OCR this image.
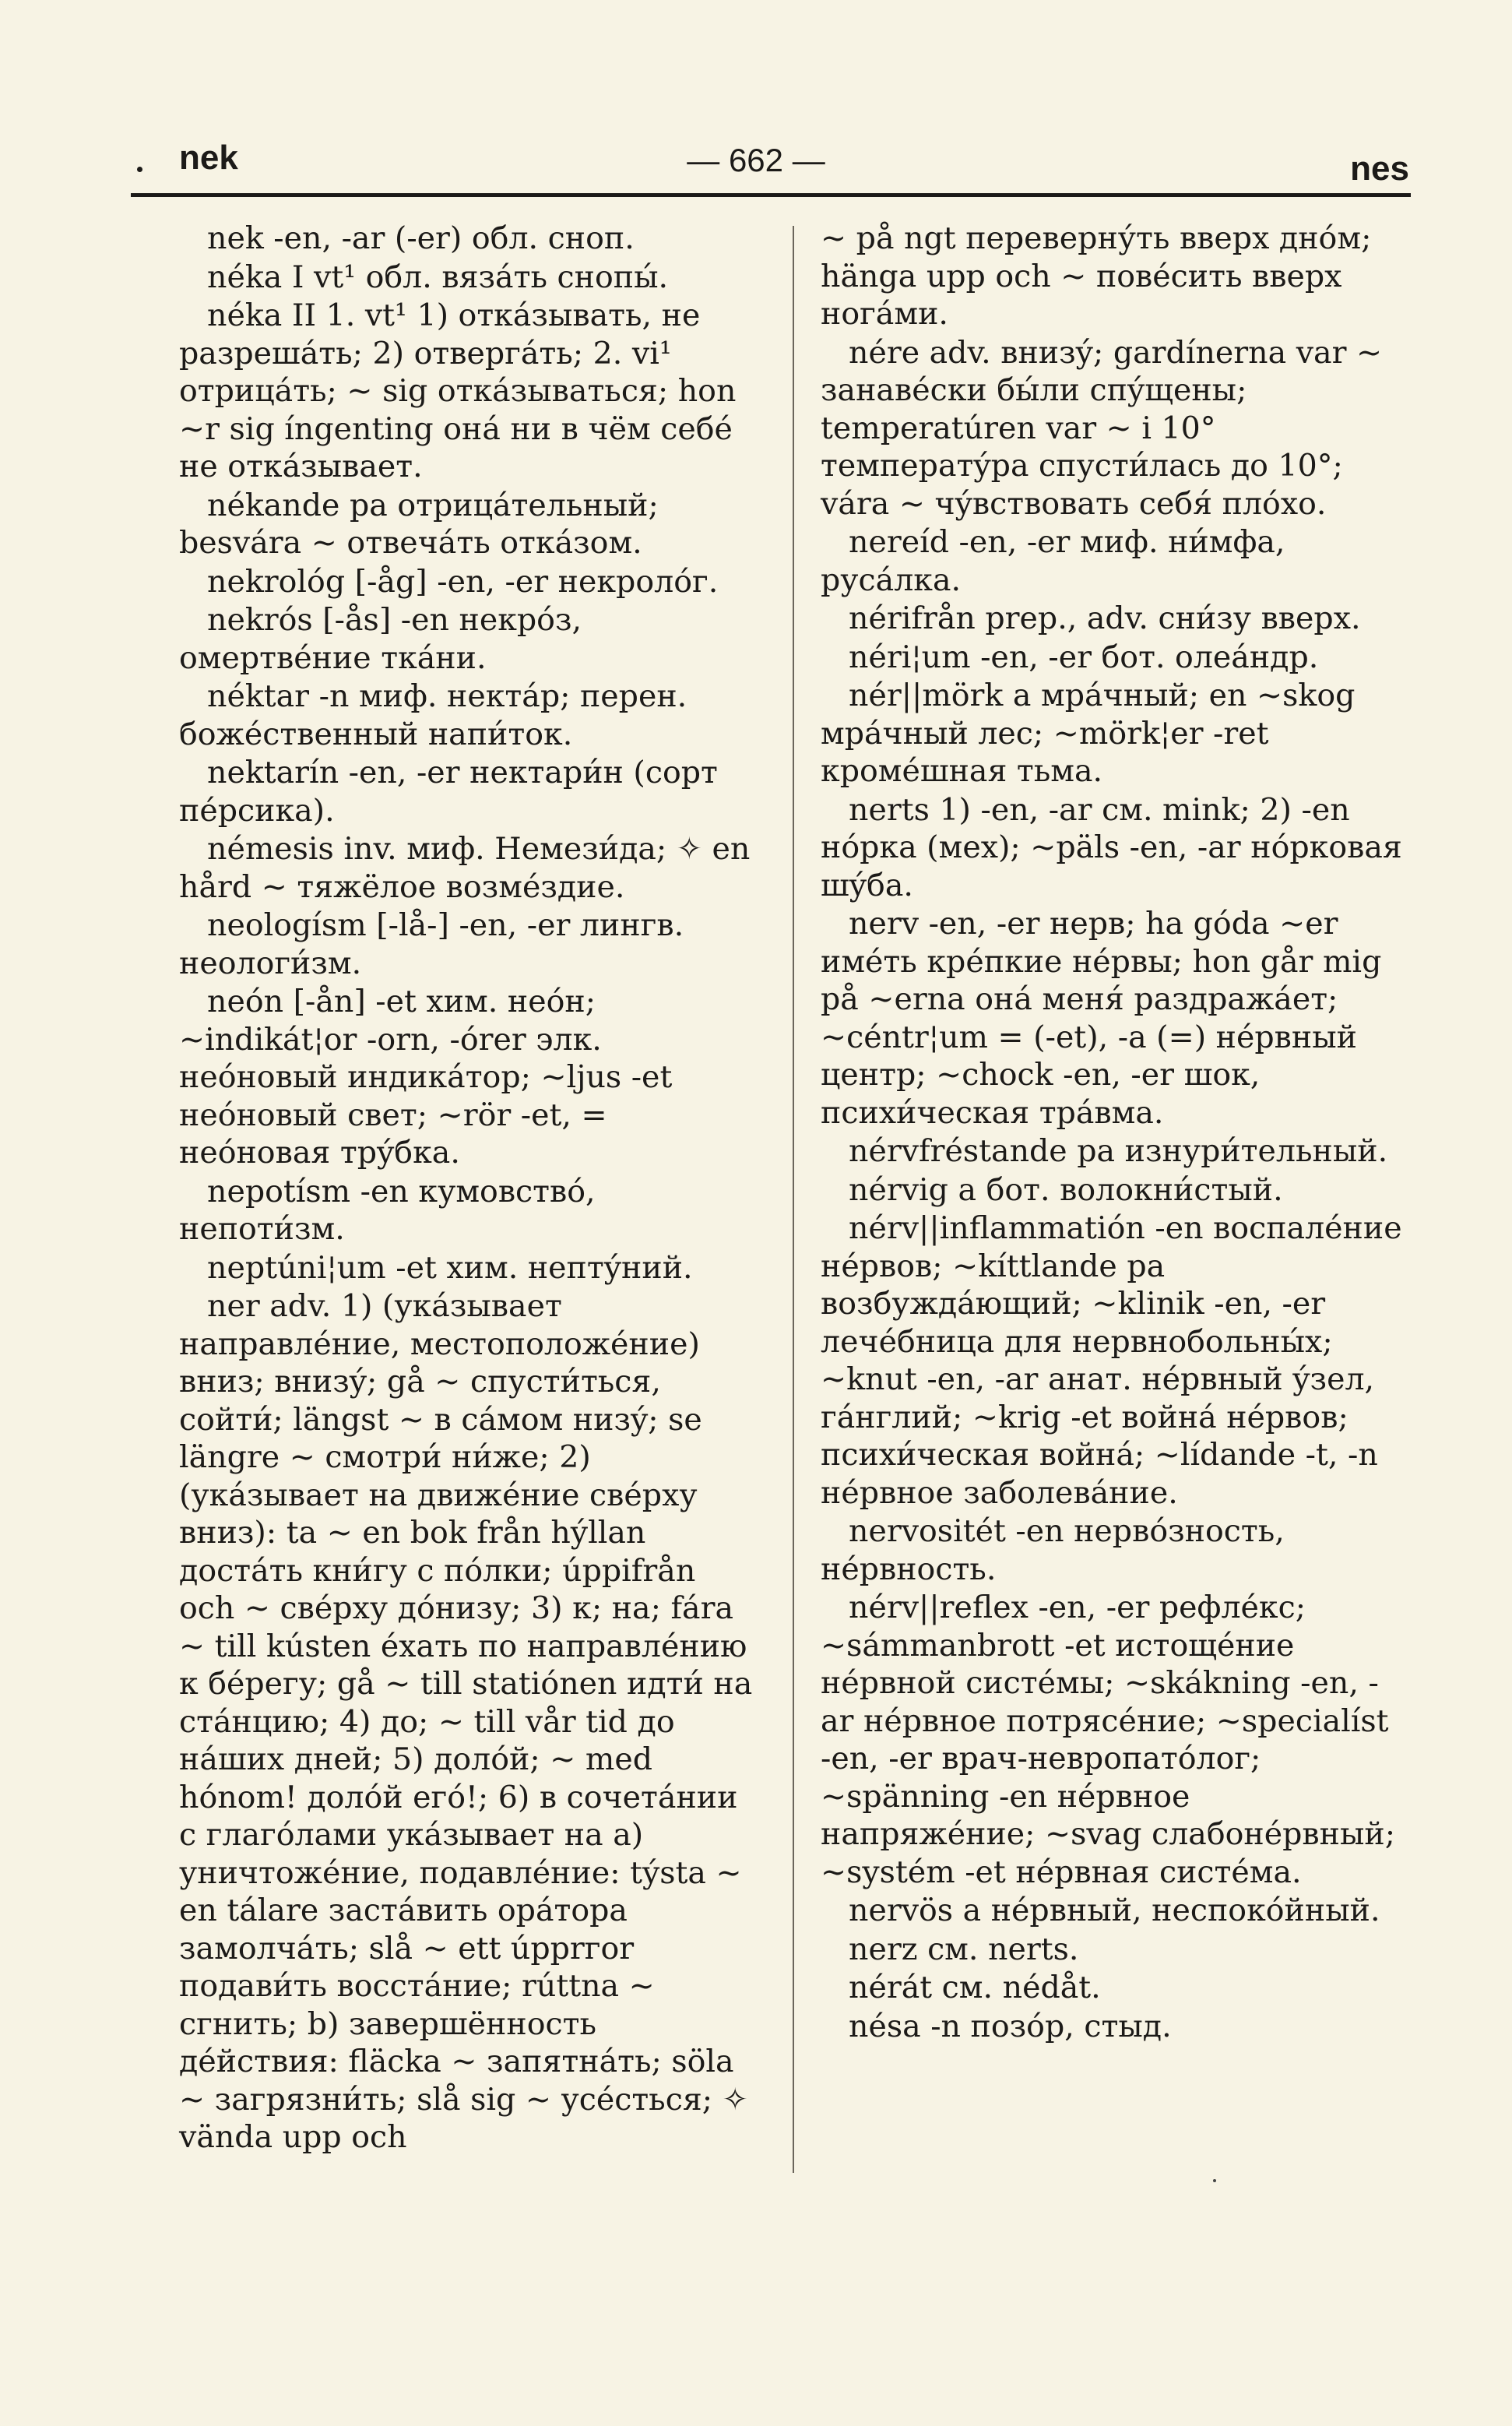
nek	— 662 —	nes
nek -en, -ar (-er) обл. сноп.
néka I vt¹ обл. вязáть снопы́.
néka II 1. vt¹ 1) откáзывать, не разрешáть; 2) отвергáть; 2. vi¹ отрицáть; ~ sig откáзываться; hon ~r sig íngenting онá ни в чём себé не откáзывает.
nékande pa отрицáтельный; besvára ~ отвечáть откáзом.
nekrológ [-åg] -en, -er некролóг.
nekrós [-ås] -en некрóз, омертвéние ткáни.
néktar -n миф. нектáр; перен. божéственный напи́ток.
nektarín -en, -er нектари́н (сорт пéрсика).
némesis inv. миф. Немези́да; ✧ en hård ~ тяжёлое возмéздие.
neologísm [-lå-] -en, -er лингв. неологи́зм.
neón [-ån] -et хим. неóн; ~indikát¦or -orn, -órer элк. неóновый индикáтор; ~ljus -et неóновый свет; ~rör -et, = неóновая трýбка.
nepotísm -en кумовствó, непоти́зм.
neptúni¦um -et хим. нептýний.
ner adv. 1) (укáзывает направлéние, местоположéние) вниз; внизý; gå ~ спусти́ться, сойти́; längst ~ в сáмом низý; se längre ~ смотри́ ни́же; 2) (укáзывает на движéние свéрху вниз): ta ~ en bok från hýllan достáть кни́гу с пóлки; úppifrån och ~ свéрху дóнизу; 3) к; на; fára ~ till kústen éхать по направлéнию к бéрегу; gå ~ till statiónen идти́ на стáнцию; 4) до; ~ till vår tid до нáших дней; 5) долóй; ~ med hónom! долóй егó!; 6) в сочетáнии с глагóлами укáзывает на а) уничтожéние, подавлéние: týsta ~ en tálare застáвить орáтора замолчáть; slå ~ ett úpprгor подави́ть восстáние; rúttna ~ сгнить; b) завершённость дéйствия: fläcka ~ запятнáть; söla ~ загрязни́ть; slå sig ~ усéсться; ✧ vända upp och
~ på ngt переверну́ть вверх днóм; hänga upp och ~ повéсить вверх ногáми.
nére adv. внизý; gardínerna var ~ занавéски бы́ли спýщены; temperatúren var ~ i 10° температýра спусти́лась до 10°; vára ~ чýвствовать себя́ плóхо.
nereíd -en, -er миф. ни́мфа, русáлка.
nérifrån prep., adv. сни́зу вверх.
néri¦um -en, -er бот. олеáндр.
nér||mörk а мрáчный; en ~skog мрáчный лес; ~mörk¦er -ret кромéшная тьма.
nerts 1) -en, -ar см. mink; 2) -en нóрка (мех); ~päls -en, -ar нóрковая шýба.
nerv -en, -er нерв; ha góda ~er имéть крéпкие нéрвы; hon går mig på ~erna онá меня́ раздражáет; ~céntr¦um = (-et), -a (=) нéрвный центр; ~chock -en, -er шок, психи́ческая трáвма.
nérvfréstande pa изнури́тельный.
nérvig а бот. волокни́стый.
nérv||inflammatión -en воспалéние нéрвов; ~kíttlande pa возбуждáющий; ~klinik -en, -er лечéбница для нервнобольны́х; ~knut -en, -ar анат. нéрвный ýзел, гáнглий; ~krig -et войнá нéрвов; психи́ческая войнá; ~lídande -t, -n нéрвное заболевáние.
nervositét -en нервóзность, нéрвность.
nérv||reflex -en, -er рефлéкс; ~sámmanbrott -et истощéние нéрвной систéмы; ~skákning -en, -ar нéрвное потрясéние; ~specialíst -en, -er врач-невропатóлог; ~spänning -en нéрвное напряжéние; ~svag слабонéрвный; ~systém -et нéрвная систéма.
nervös а нéрвный, неспокóйный.
nerz см. nerts.
nérát см. nédåt.
nésa -n позóр, стыд.
